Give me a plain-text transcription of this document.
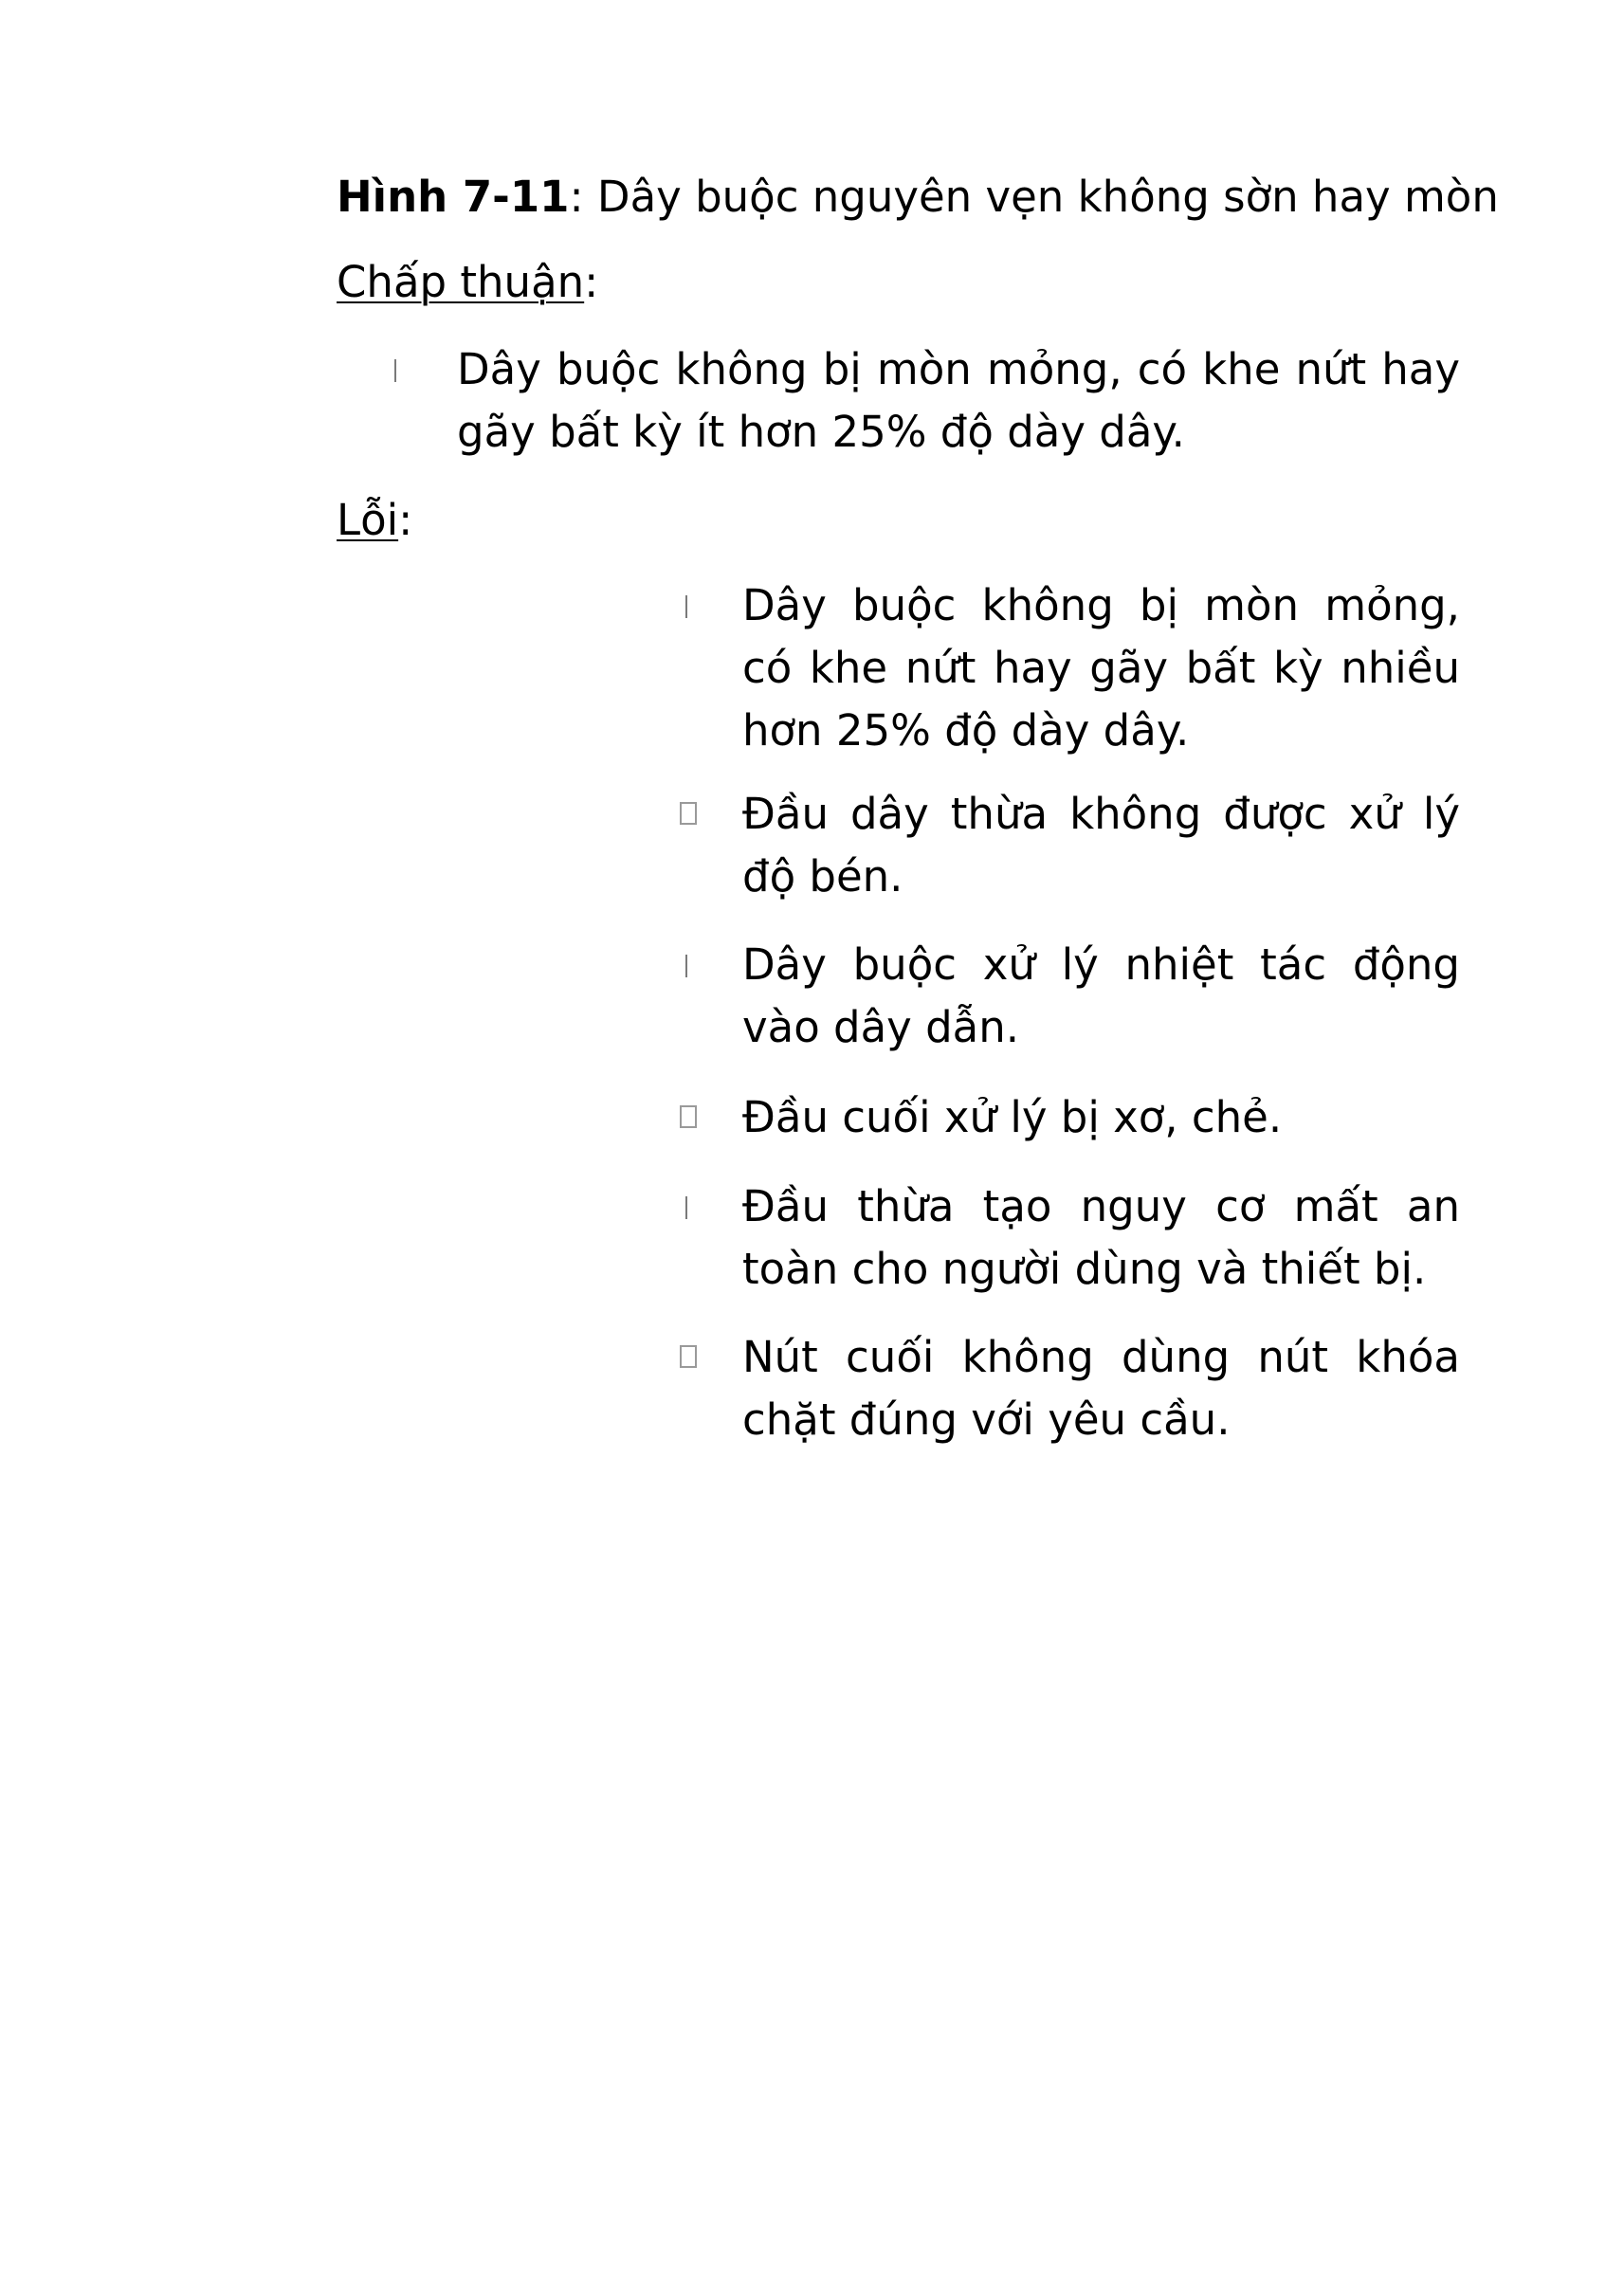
Hình 7-11: Dây buộc nguyên vẹn không sờn hay mòn
Chấp thuận:
Dây buộc không bị mòn mỏng, có khe nứt hay gãy bất kỳ ít hơn 25% độ dày dây.
Lỗi:
Dây buộc không bị mòn mỏng, có khe nứt hay gãy bất kỳ nhiều hơn 25% độ dày dây.
Đầu dây thừa không được xử lý độ bén.
Dây buộc xử lý nhiệt tác động vào dây dẫn.
Đầu cuối xử lý bị xơ, chẻ.
Đầu thừa tạo nguy cơ mất an toàn cho người dùng và thiết bị.
Nút cuối không dùng nút khóa chặt đúng với yêu cầu.
